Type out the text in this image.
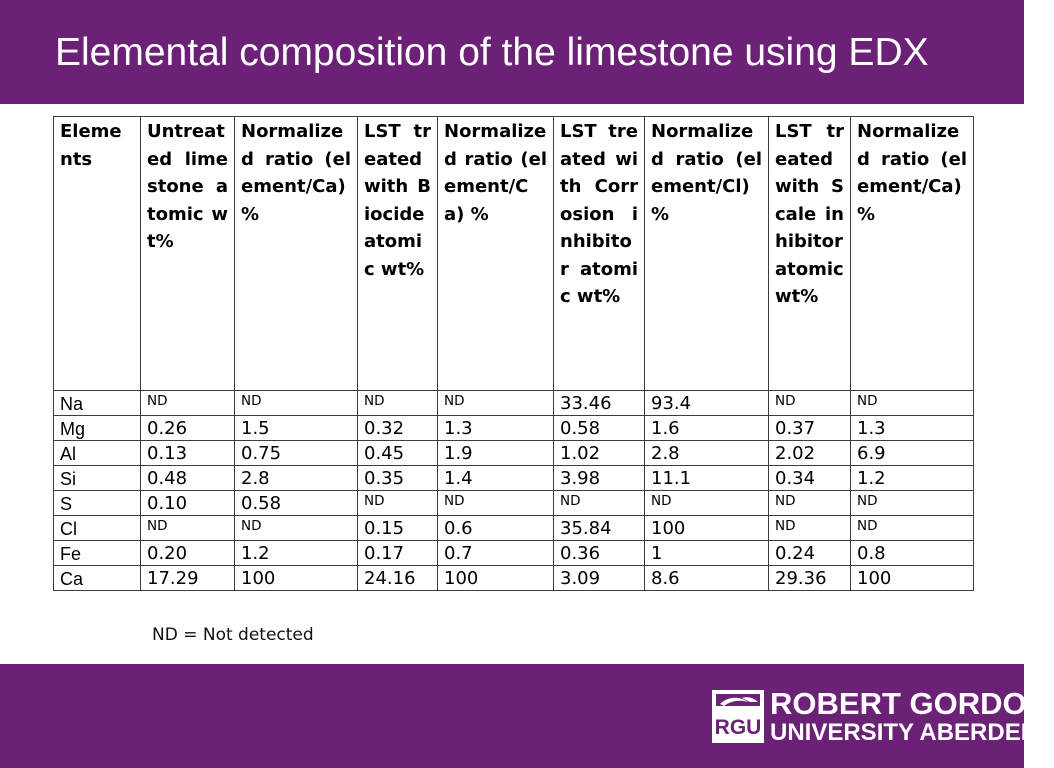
Elemental composition of the limestone using EDX
Elements	Untreated limestone atomic wt%	Normalized ratio (element/Ca) %	LST treated with Biocide atomic wt%	Normalized ratio (element/Ca) %	LST treated with Corrosion inhibitor atomic wt%	Normalized ratio (element/Cl) %	LST treated with Scale inhibitor atomic wt%	Normalized ratio (element/Ca) %

Na	ND	ND	ND	ND	33.46	93.4	ND	ND
Mg	0.26	1.5	0.32	1.3	0.58	1.6	0.37	1.3
Al	0.13	0.75	0.45	1.9	1.02	2.8	2.02	6.9
Si	0.48	2.8	0.35	1.4	3.98	11.1	0.34	1.2
S	0.10	0.58	ND	ND	ND	ND	ND	ND
Cl	ND	ND	0.15	0.6	35.84	100	ND	ND
Fe	0.20	1.2	0.17	0.7	0.36	1	0.24	0.8
Ca	17.29	100	24.16	100	3.09	8.6	29.36	100

ND = Not detected

RGU
ROBERT GORDON
UNIVERSITY ABERDEEN
